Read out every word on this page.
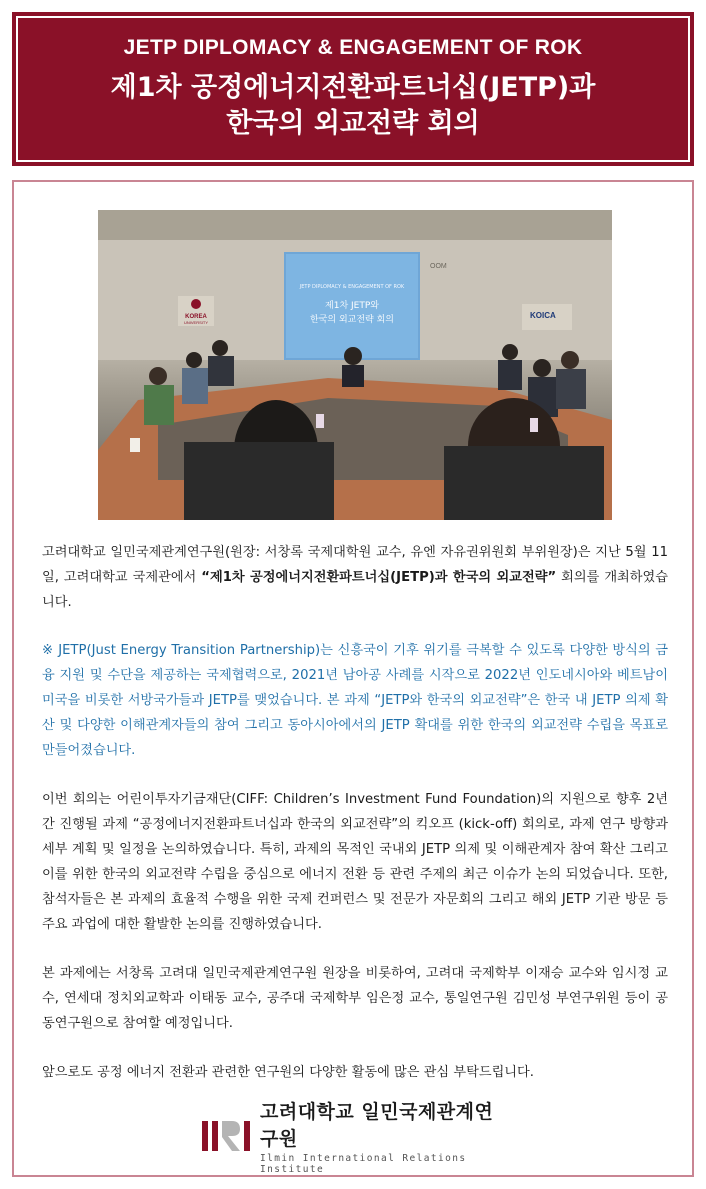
JETP DIPLOMACY & ENGAGEMENT OF ROK
제1차 공정에너지전환파트너십(JETP)과
한국의 외교전략 회의
JETP DIPLOMACY & ENGAGEMENT OF ROK
제1차 JETP와
한국의 외교전략 회의
OOM
KOREA
UNIVERSITY
KOICA
고려대학교 일민국제관계연구원(원장: 서창록 국제대학원 교수, 유엔 자유권위원회 부위원장)은 지난 5월 11일, 고려대학교 국제관에서 “제1차 공정에너지전환파트너십(JETP)과 한국의 외교전략” 회의를 개최하였습니다.
※ JETP(Just Energy Transition Partnership)는 신흥국이 기후 위기를 극복할 수 있도록 다양한 방식의 금융 지원 및 수단을 제공하는 국제협력으로, 2021년 남아공 사례를 시작으로 2022년 인도네시아와 베트남이 미국을 비롯한 서방국가들과 JETP를 맺었습니다. 본 과제 “JETP와 한국의 외교전략”은 한국 내 JETP 의제 확산 및 다양한 이해관계자들의 참여 그리고 동아시아에서의 JETP 확대를 위한 한국의 외교전략 수립을 목표로 만들어졌습니다.
이번 회의는 어린이투자기금재단(CIFF: Children’s Investment Fund Foundation)의 지원으로 향후 2년간 진행될 과제 “공정에너지전환파트너십과 한국의 외교전략”의 킥오프 (kick-off) 회의로, 과제 연구 방향과 세부 계획 및 일정을 논의하였습니다. 특히, 과제의 목적인 국내외 JETP 의제 및 이해관계자 참여 확산 그리고 이를 위한 한국의 외교전략 수립을 중심으로 에너지 전환 등 관련 주제의 최근 이슈가 논의 되었습니다. 또한, 참석자들은 본 과제의 효율적 수행을 위한 국제 컨퍼런스 및 전문가 자문회의 그리고 해외 JETP 기관 방문 등 주요 과업에 대한 활발한 논의를 진행하였습니다.
본 과제에는 서창록 고려대 일민국제관계연구원 원장을 비롯하여, 고려대 국제학부 이재승 교수와 임시정 교수, 연세대 정치외교학과 이태동 교수, 공주대 국제학부 임은정 교수, 통일연구원 김민성 부연구위원 등이 공동연구원으로 참여할 예정입니다.
앞으로도 공정 에너지 전환과 관련한 연구원의 다양한 활동에 많은 관심 부탁드립니다.
고려대학교 일민국제관계연구원
Ilmin International Relations Institute
